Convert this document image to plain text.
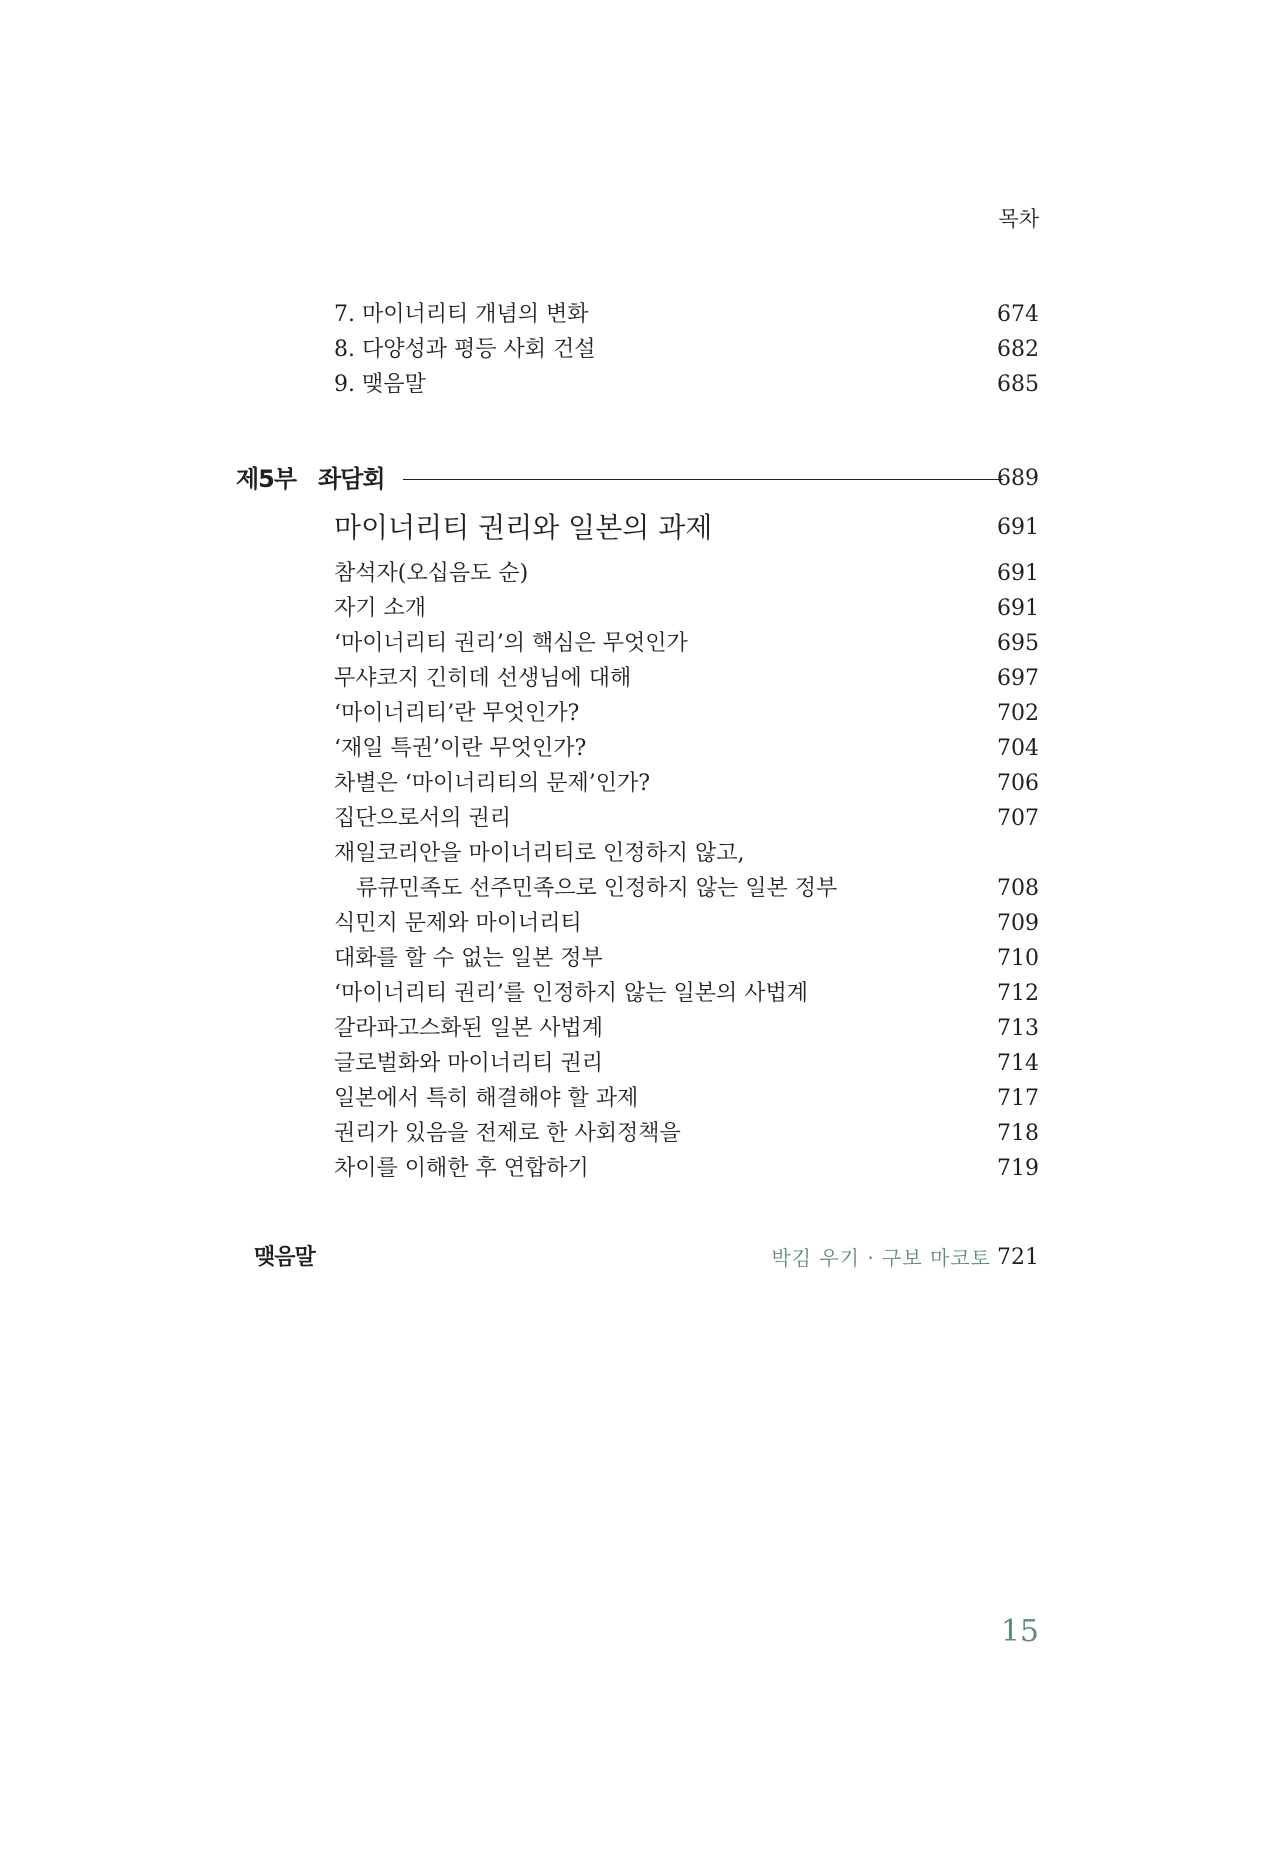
목차
7. 마이너리티 개념의 변화	674
8. 다양성과 평등 사회 건설	682
9. 맺음말	685
제5부 좌담회	689
마이너리티 권리와 일본의 과제	691
참석자(오십음도 순)	691
자기 소개	691
‘마이너리티 권리’의 핵심은 무엇인가	695
무샤코지 긴히데 선생님에 대해	697
‘마이너리티’란 무엇인가?	702
‘재일 특권’이란 무엇인가?	704
차별은 ‘마이너리티의 문제’인가?	706
집단으로서의 권리	707
재일코리안을 마이너리티로 인정하지 않고,
류큐민족도 선주민족으로 인정하지 않는 일본 정부	708
식민지 문제와 마이너리티	709
대화를 할 수 없는 일본 정부	710
‘마이너리티 권리’를 인정하지 않는 일본의 사법계	712
갈라파고스화된 일본 사법계	713
글로벌화와 마이너리티 권리	714
일본에서 특히 해결해야 할 과제	717
권리가 있음을 전제로 한 사회정책을	718
차이를 이해한 후 연합하기	719
맺음말	박김 우기 · 구보 마코토 721
15
